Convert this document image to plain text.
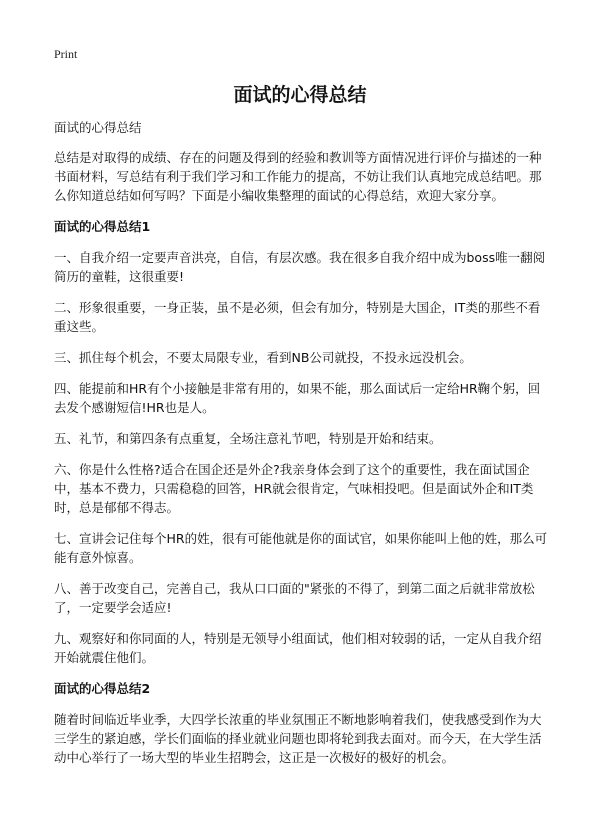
Print
面试的心得总结

面试的心得总结

总结是对取得的成绩、存在的问题及得到的经验和教训等方面情况进行评价与描述的一种书面材料，写总结有利于我们学习和工作能力的提高，不妨让我们认真地完成总结吧。那么你知道总结如何写吗？下面是小编收集整理的面试的心得总结，欢迎大家分享。

面试的心得总结1

一、自我介绍一定要声音洪亮，自信，有层次感。我在很多自我介绍中成为boss唯一翻阅简历的童鞋，这很重要!

二、形象很重要，一身正装，虽不是必须，但会有加分，特别是大国企，IT类的那些不看重这些。

三、抓住每个机会，不要太局限专业，看到NB公司就投，不投永远没机会。

四、能提前和HR有个小接触是非常有用的，如果不能，那么面试后一定给HR鞠个躬，回去发个感谢短信!HR也是人。

五、礼节，和第四条有点重复，全场注意礼节吧，特别是开始和结束。

六、你是什么性格?适合在国企还是外企?我亲身体会到了这个的重要性，我在面试国企中，基本不费力，只需稳稳的回答，HR就会很肯定，气味相投吧。但是面试外企和IT类时，总是郁郁不得志。

七、宣讲会记住每个HR的姓，很有可能他就是你的面试官，如果你能叫上他的姓，那么可能有意外惊喜。

八、善于改变自己，完善自己，我从口口面的"紧张的不得了，到第二面之后就非常放松了，一定要学会适应!

九、观察好和你同面的人，特别是无领导小组面试，他们相对较弱的话，一定从自我介绍开始就震住他们。

面试的心得总结2

随着时间临近毕业季，大四学长浓重的毕业氛围正不断地影响着我们，使我感受到作为大三学生的紧迫感，学长们面临的择业就业问题也即将轮到我去面对。而今天，在大学生活动中心举行了一场大型的毕业生招聘会，这正是一次极好的极好的机会。
